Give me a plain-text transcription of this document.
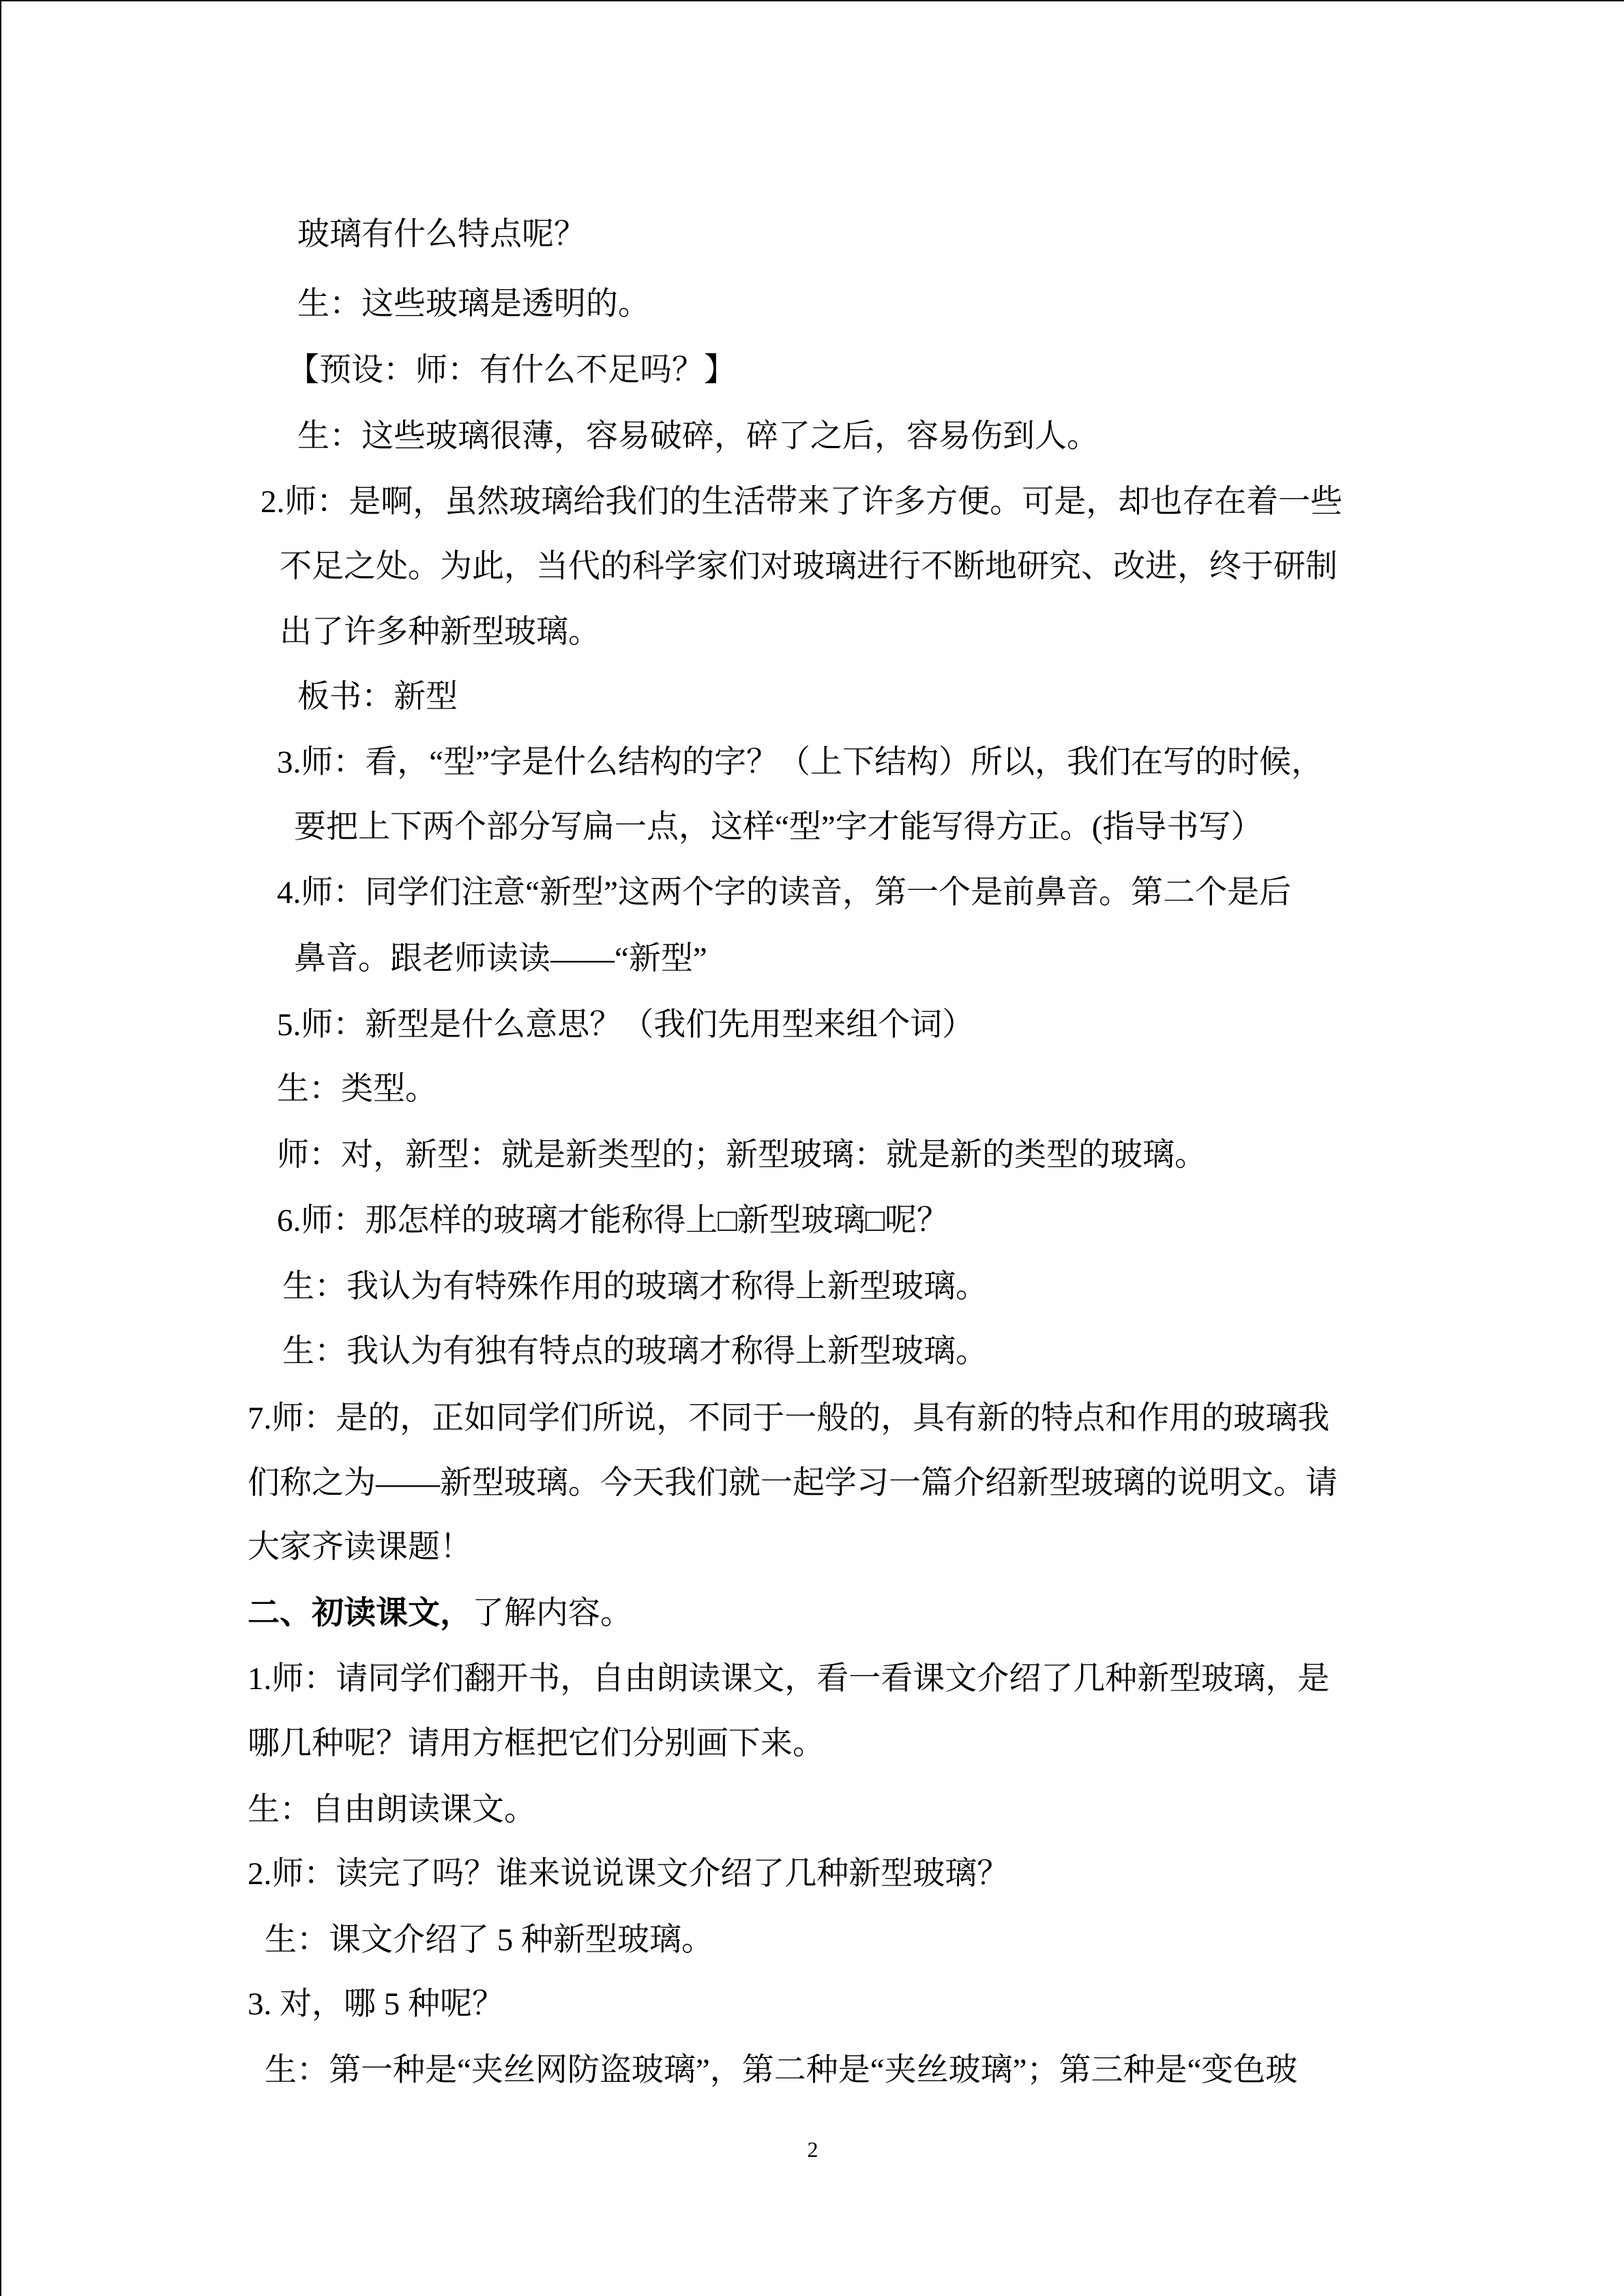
玻璃有什么特点呢？
生：这些玻璃是透明的。
【预设：师：有什么不足吗？】
生：这些玻璃很薄，容易破碎，碎了之后，容易伤到人。
2.师：是啊，虽然玻璃给我们的生活带来了许多方便。可是，却也存在着一些
不足之处。为此，当代的科学家们对玻璃进行不断地研究、改进，终于研制
出了许多种新型玻璃。
板书：新型
3.师：看，“型”字是什么结构的字？（上下结构）所以，我们在写的时候，
要把上下两个部分写扁一点，这样“型”字才能写得方正。(指导书写）
4.师：同学们注意“新型”这两个字的读音，第一个是前鼻音。第二个是后
鼻音。跟老师读读——“新型”
5.师：新型是什么意思？（我们先用型来组个词）
生：类型。
师：对，新型：就是新类型的；新型玻璃：就是新的类型的玻璃。
6.师：那怎样的玻璃才能称得上□新型玻璃□呢？
生：我认为有特殊作用的玻璃才称得上新型玻璃。
生：我认为有独有特点的玻璃才称得上新型玻璃。
7.师：是的，正如同学们所说，不同于一般的，具有新的特点和作用的玻璃我
们称之为——新型玻璃。今天我们就一起学习一篇介绍新型玻璃的说明文。请
大家齐读课题！
二、初读课文，了解内容。
1.师：请同学们翻开书，自由朗读课文，看一看课文介绍了几种新型玻璃，是
哪几种呢？请用方框把它们分别画下来。
生：自由朗读课文。
2.师：读完了吗？谁来说说课文介绍了几种新型玻璃？
生：课文介绍了 5 种新型玻璃。
3. 对，哪 5 种呢？
生：第一种是“夹丝网防盗玻璃”，第二种是“夹丝玻璃”；第三种是“变色玻
2
